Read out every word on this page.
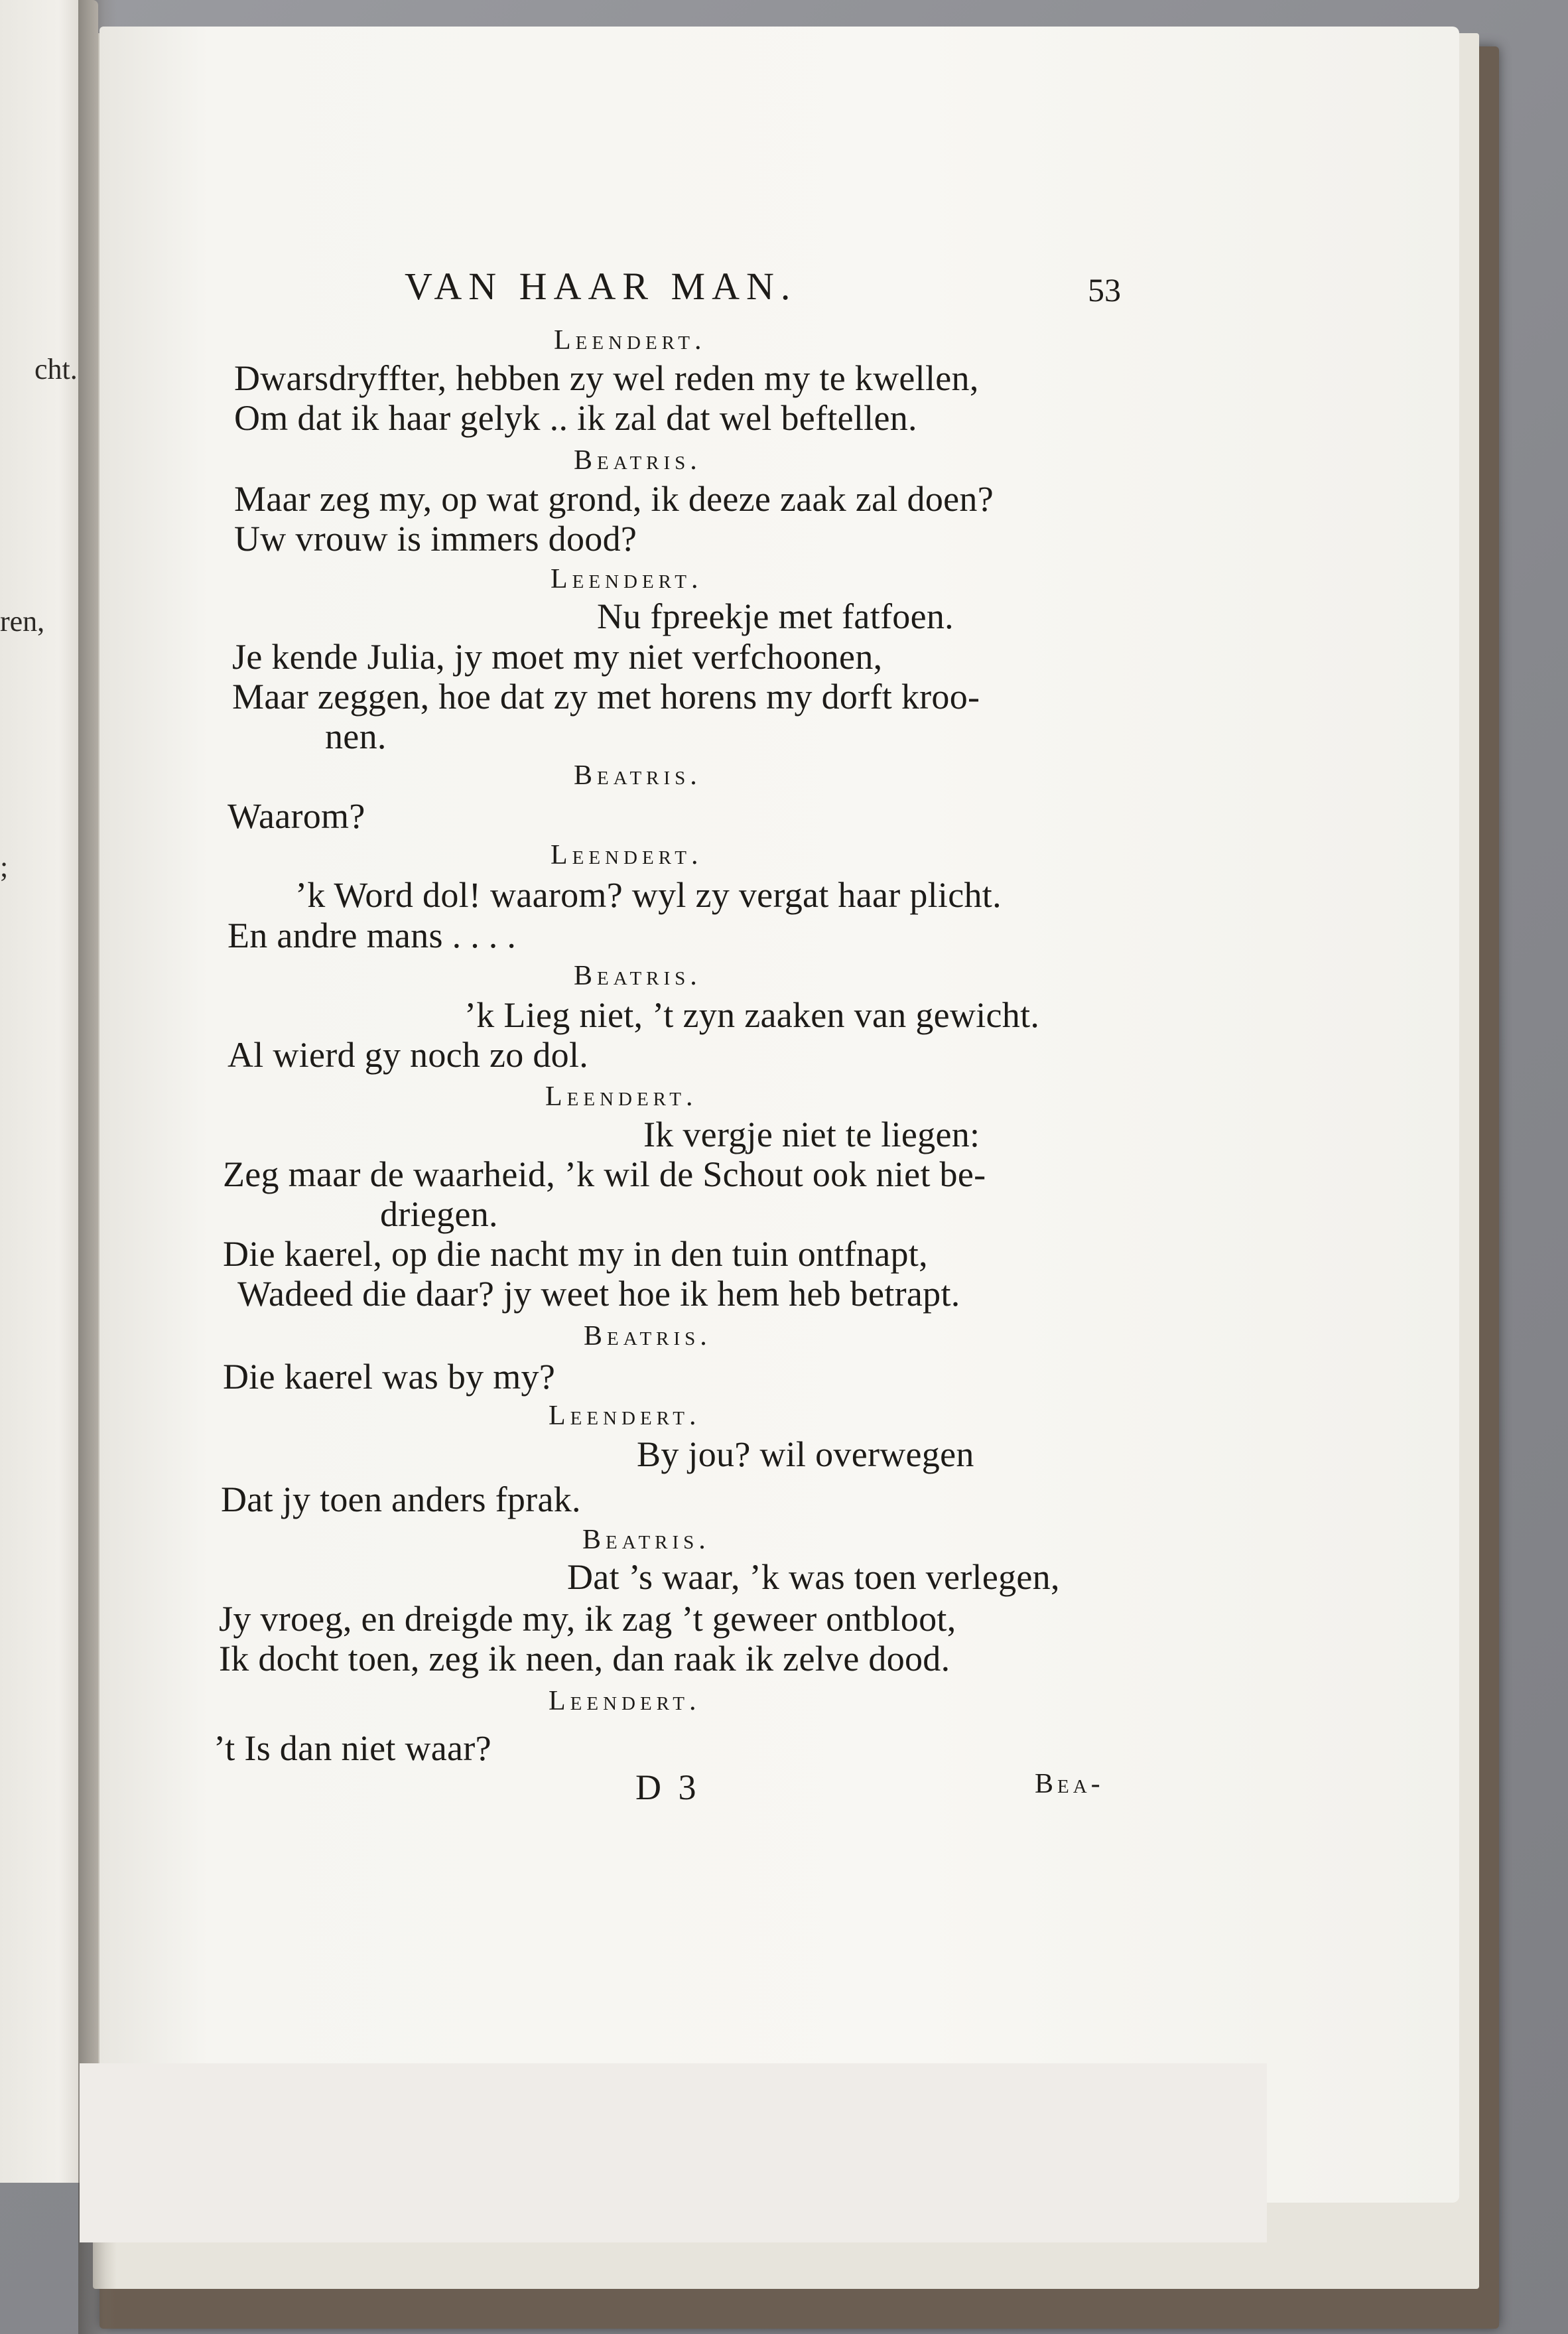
cht.
ren,
;
VAN HAAR MAN.	53
Leendert.
Dwarsdryffter, hebben zy wel reden my te kwellen,
Om dat ik haar gelyk .. ik zal dat wel beftellen.
Beatris.
Maar zeg my, op wat grond, ik deeze zaak zal doen?
Uw vrouw is immers dood?
Leendert.
Nu fpreekje met fatfoen.
Je kende Julia, jy moet my niet verfchoonen,
Maar zeggen, hoe dat zy met horens my dorft kroo-
nen.
Beatris.
Waarom?
Leendert.
’k Word dol! waarom? wyl zy vergat haar plicht.
En andre mans . . . .
Beatris.
’k Lieg niet, ’t zyn zaaken van gewicht.
Al wierd gy noch zo dol.
Leendert.
Ik vergje niet te liegen:
Zeg maar de waarheid, ’k wil de Schout ook niet be-
driegen.
Die kaerel, op die nacht my in den tuin ontfnapt,
Wadeed die daar? jy weet hoe ik hem heb betrapt.
Beatris.
Die kaerel was by my?
Leendert.
By jou? wil overwegen
Dat jy toen anders fprak.
Beatris.
Dat ’s waar, ’k was toen verlegen,
Jy vroeg, en dreigde my, ik zag ’t geweer ontbloot,
Ik docht toen, zeg ik neen, dan raak ik zelve dood.
Leendert.
’t Is dan niet waar?
D 3	Bea-
